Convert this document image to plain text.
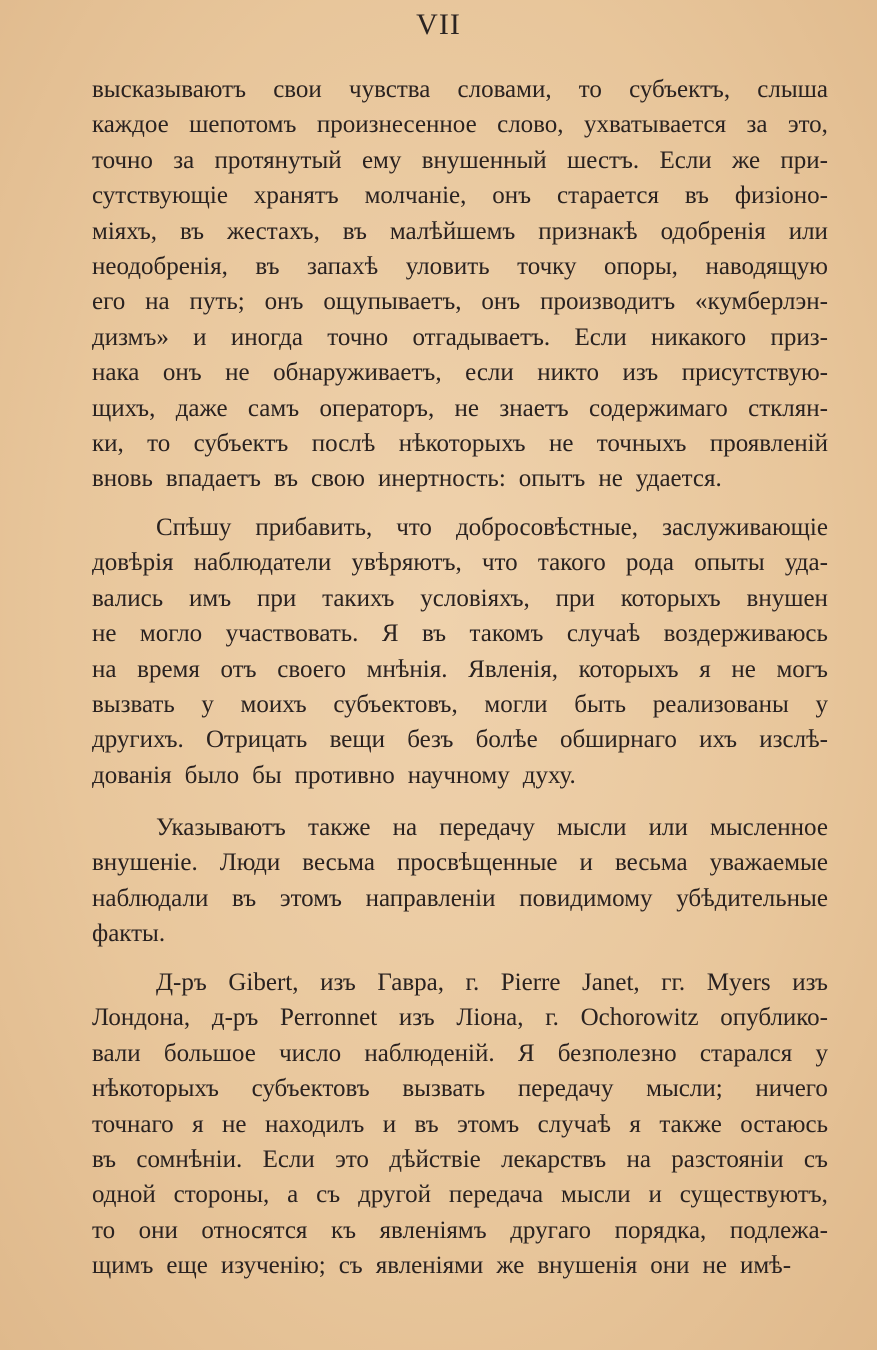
VII
высказываютъ свои чувства словами, то субъектъ, слыша
каждое шепотомъ произнесенное слово, ухватывается за это,
точно за протянутый ему внушенный шестъ. Если же при-
сутствующіе хранятъ молчаніе, онъ старается въ физіоно-
міяхъ, въ жестахъ, въ малѣйшемъ признакѣ одобренія или
неодобренія, въ запахѣ уловить точку опоры, наводящую
его на путь; онъ ощупываетъ, онъ производитъ «кумберлэн-
дизмъ» и иногда точно отгадываетъ. Если никакого приз-
нака онъ не обнаруживаетъ, если никто изъ присутствую-
щихъ, даже самъ операторъ, не знаетъ содержимаго стклян-
ки, то субъектъ послѣ нѣкоторыхъ не точныхъ проявленій
вновь впадаетъ въ свою инертность: опытъ не удается.
Спѣшу прибавить, что добросовѣстные, заслуживающіе
довѣрія наблюдатели увѣряютъ, что такого рода опыты уда-
вались имъ при такихъ условіяхъ, при которыхъ внушен
не могло участвовать. Я въ такомъ случаѣ воздерживаюсь
на время отъ своего мнѣнія. Явленія, которыхъ я не могъ
вызвать у моихъ субъектовъ, могли быть реализованы у
другихъ. Отрицать вещи безъ болѣе обширнаго ихъ изслѣ-
дованія было бы противно научному духу.
Указываютъ также на передачу мысли или мысленное
внушеніе. Люди весьма просвѣщенные и весьма уважаемые
наблюдали въ этомъ направленіи повидимому убѣдительные
факты.
Д-ръ Gibert, изъ Гавра, г. Pierre Janet, гг. Myers изъ
Лондона, д-ръ Perronnet изъ Ліона, г. Ochorowitz опублико-
вали большое число наблюденій. Я безполезно старался у
нѣкоторыхъ субъектовъ вызвать передачу мысли; ничего
точнаго я не находилъ и въ этомъ случаѣ я также остаюсь
въ сомнѣніи. Если это дѣйствіе лекарствъ на разстояніи съ
одной стороны, а съ другой передача мысли и существуютъ,
то они относятся къ явленіямъ другаго порядка, подлежа-
щимъ еще изученію; съ явленіями же внушенія они не имѣ-
